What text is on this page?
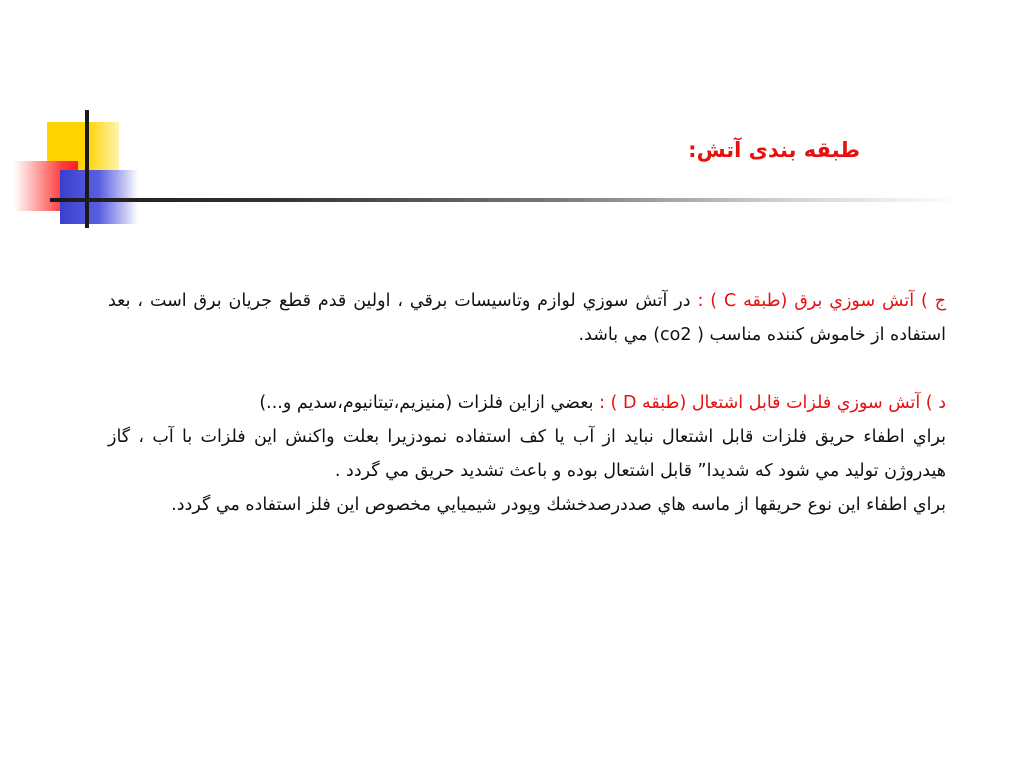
طبقه بندی آتش:

ج ) آتش سوزي برق (طبقه C ) : در آتش سوزي لوازم وتاسيسات برقي ، اولين قدم قطع جريان برق است ، بعد استفاده از خاموش كننده مناسب ( co2) مي باشد.

د ) آتش سوزي فلزات قابل اشتعال (طبقه D ) : بعضي ازاين فلزات (منيزيم،تيتانيوم،سديم و...)

براي اطفاء حريق فلزات قابل اشتعال نبايد از آب يا كف استفاده نمودزيرا بعلت واكنش اين فلزات با آب ، گاز هيدروژن توليد مي شود كه شديدا” قابل اشتعال بوده و باعث تشديد حريق مي گردد .

براي اطفاء اين نوع حريقها از ماسه هاي صددرصدخشك وپودر شيميايي مخصوص اين فلز استفاده مي گردد.
